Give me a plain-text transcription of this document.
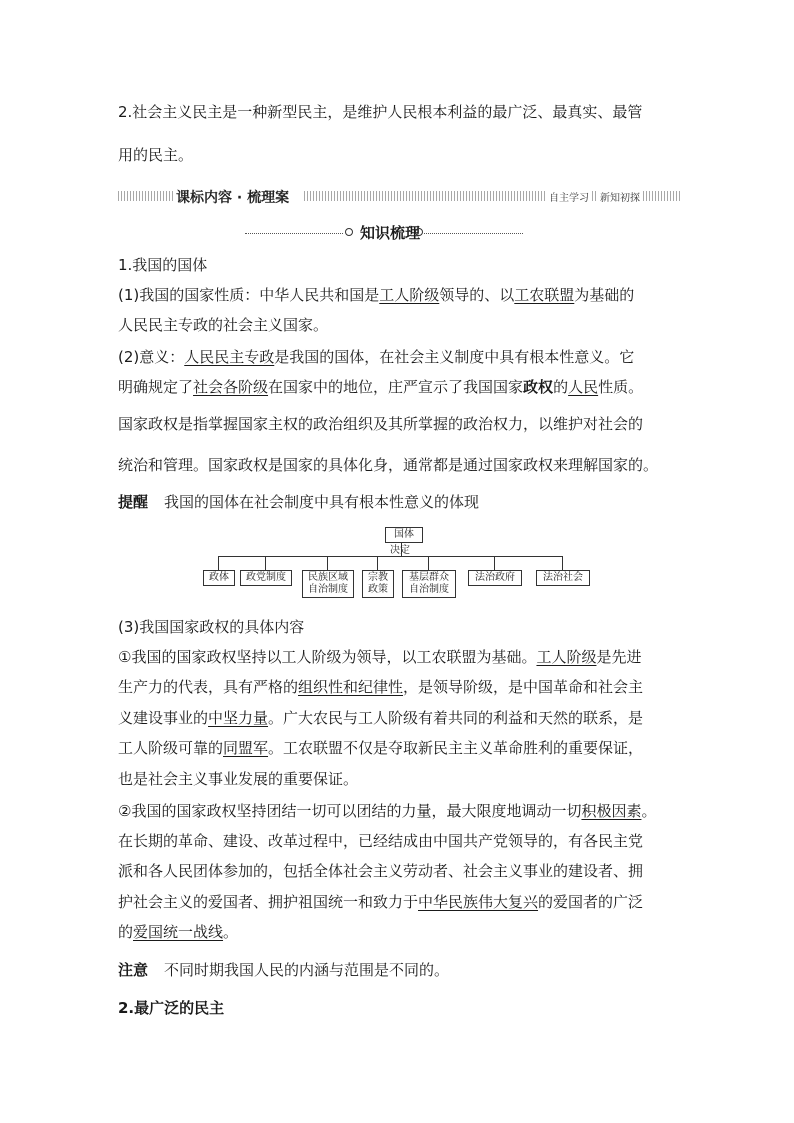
2.社会主义民主是一种新型民主，是维护人民根本利益的最广泛、最真实、最管
用的民主。
课标内容 · 梳理案	自主学习	新知初探
知识梳理
1.我国的国体
(1)我国的国家性质：中华人民共和国是工人阶级领导的、以工农联盟为基础的
人民民主专政的社会主义国家。
(2)意义：人民民主专政是我国的国体，在社会主义制度中具有根本性意义。它
明确规定了社会各阶级在国家中的地位，庄严宣示了我国国家政权的人民性质。
国家政权是指掌握国家主权的政治组织及其所掌握的政治权力，以维护对社会的
统治和管理。国家政权是国家的具体化身，通常都是通过国家政权来理解国家的。
提醒 我国的国体在社会制度中具有根本性意义的体现
国体
决定
政体	政党制度	民族区域
自治制度
宗教
政策
基层群众
自治制度
法治政府	法治社会
(3)我国国家政权的具体内容
①我国的国家政权坚持以工人阶级为领导，以工农联盟为基础。工人阶级是先进
生产力的代表，具有严格的组织性和纪律性，是领导阶级，是中国革命和社会主
义建设事业的中坚力量。广大农民与工人阶级有着共同的利益和天然的联系，是
工人阶级可靠的同盟军。工农联盟不仅是夺取新民主主义革命胜利的重要保证，
也是社会主义事业发展的重要保证。
②我国的国家政权坚持团结一切可以团结的力量，最大限度地调动一切积极因素。
在长期的革命、建设、改革过程中，已经结成由中国共产党领导的，有各民主党
派和各人民团体参加的，包括全体社会主义劳动者、社会主义事业的建设者、拥
护社会主义的爱国者、拥护祖国统一和致力于中华民族伟大复兴的爱国者的广泛
的爱国统一战线。
注意 不同时期我国人民的内涵与范围是不同的。
2.最广泛的民主
